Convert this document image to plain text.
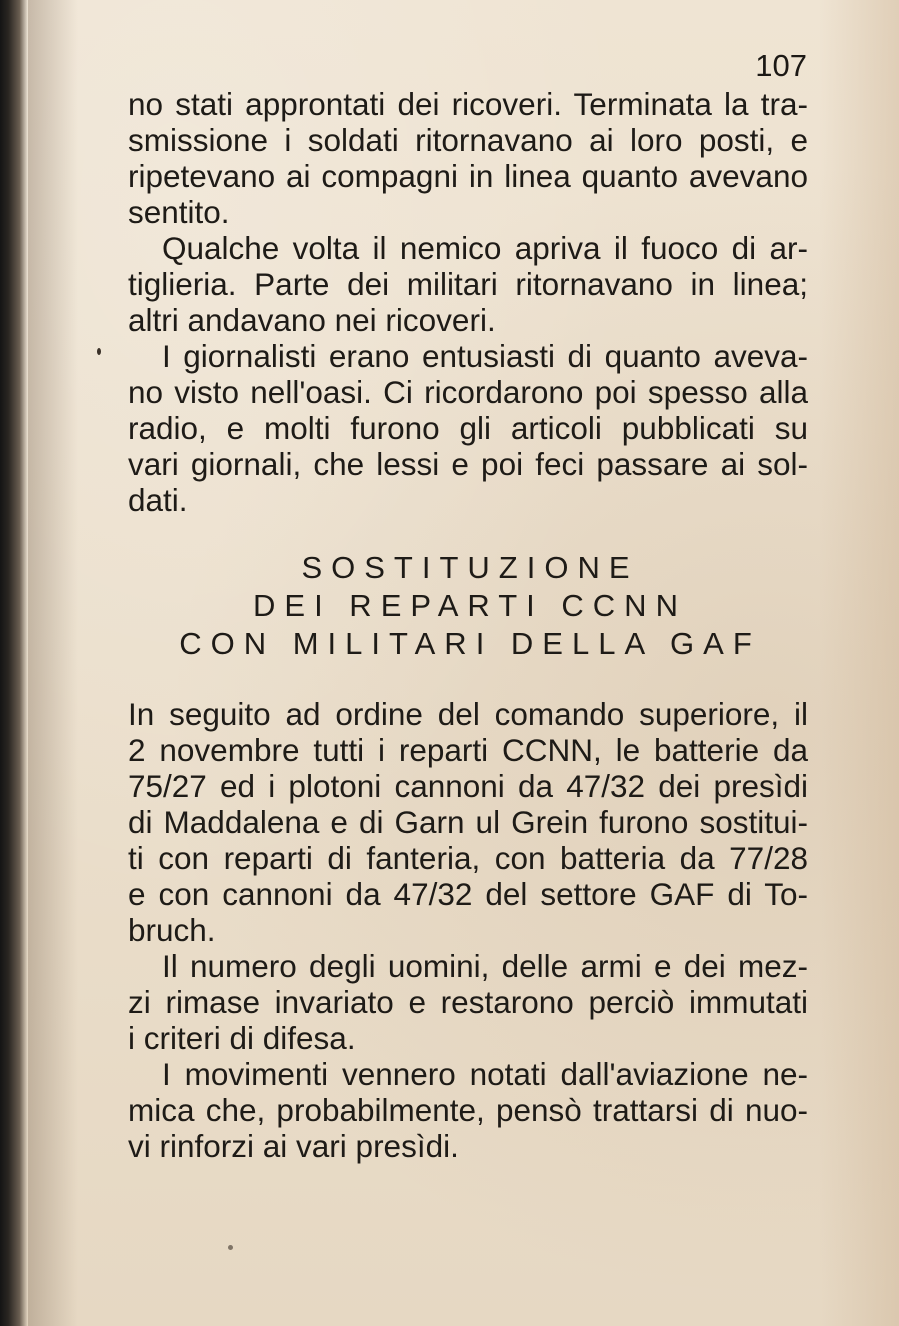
107
no stati approntati dei ricoveri. Terminata la tra-
smissione i soldati ritornavano ai loro posti, e
ripetevano ai compagni in linea quanto avevano
sentito.
Qualche volta il nemico apriva il fuoco di ar-
tiglieria. Parte dei militari ritornavano in linea;
altri andavano nei ricoveri.
I giornalisti erano entusiasti di quanto aveva-
no visto nell'oasi. Ci ricordarono poi spesso alla
radio, e molti furono gli articoli pubblicati su
vari giornali, che lessi e poi feci passare ai sol-
dati.
SOSTITUZIONE
DEI REPARTI CCNN
CON MILITARI DELLA GAF
In seguito ad ordine del comando superiore, il
2 novembre tutti i reparti CCNN, le batterie da
75/27 ed i plotoni cannoni da 47/32 dei presìdi
di Maddalena e di Garn ul Grein furono sostitui-
ti con reparti di fanteria, con batteria da 77/28
e con cannoni da 47/32 del settore GAF di To-
bruch.
Il numero degli uomini, delle armi e dei mez-
zi rimase invariato e restarono perciò immutati
i criteri di difesa.
I movimenti vennero notati dall'aviazione ne-
mica che, probabilmente, pensò trattarsi di nuo-
vi rinforzi ai vari presìdi.
